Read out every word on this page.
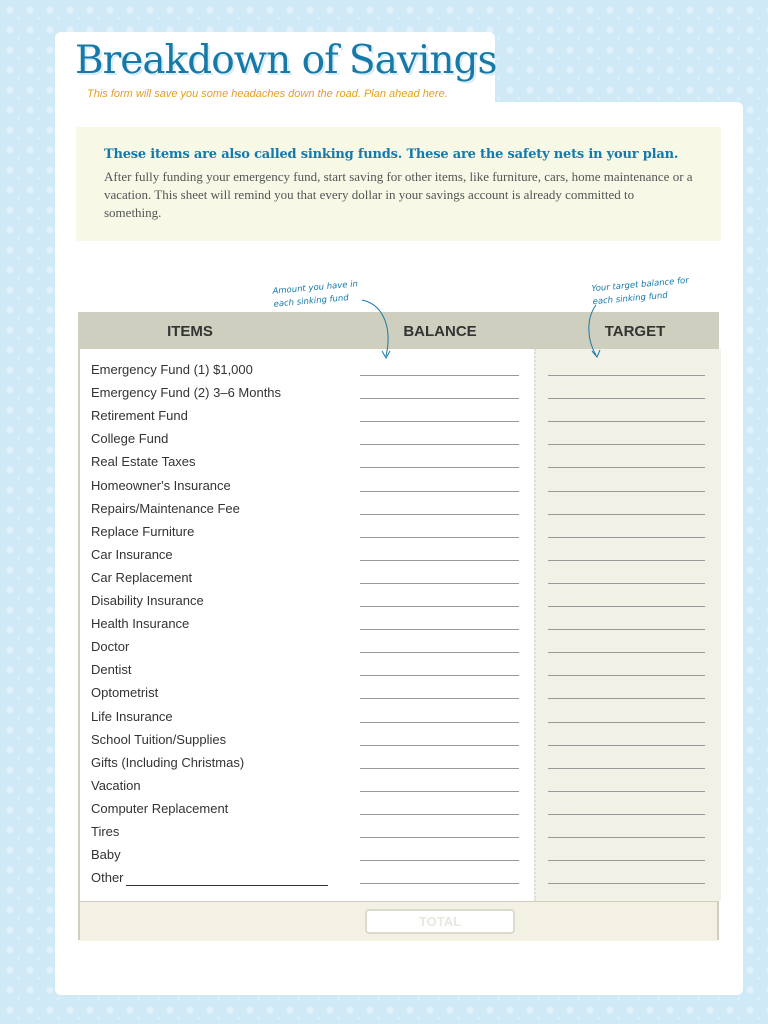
Breakdown of Savings
This form will save you some headaches down the road. Plan ahead here.

These items are also called sinking funds. These are the safety nets in your plan.

After fully funding your emergency fund, start saving for other items, like furniture, cars, home maintenance or a vacation. This sheet will remind you that every dollar in your savings account is already committed to something.

Amount you have in
each sinking fund
Your target balance for
each sinking fund
ITEMS	BALANCE	TARGET
Emergency Fund (1) $1,000
Emergency Fund (2) 3–6 Months
Retirement Fund
College Fund
Real Estate Taxes
Homeowner's Insurance
Repairs/Maintenance Fee
Replace Furniture
Car Insurance
Car Replacement
Disability Insurance
Health Insurance
Doctor
Dentist
Optometrist
Life Insurance
School Tuition/Supplies
Gifts (Including Christmas)
Vacation
Computer Replacement
Tires
Baby
Other
TOTAL
